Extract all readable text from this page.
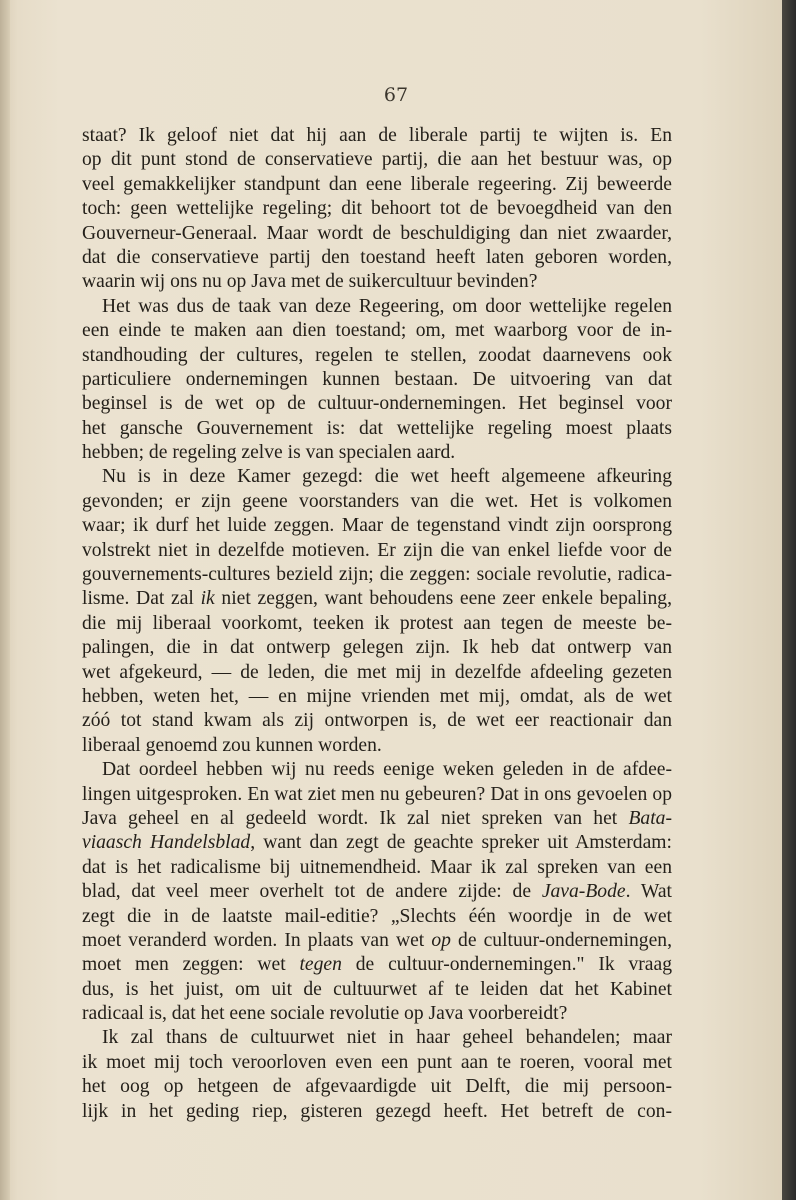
67
staat? Ik geloof niet dat hij aan de liberale partij te wijten is. En
op dit punt stond de conservatieve partij, die aan het bestuur was, op
veel gemakkelijker standpunt dan eene liberale regeering. Zij beweerde
toch: geen wettelijke regeling; dit behoort tot de bevoegdheid van den
Gouverneur-Generaal. Maar wordt de beschuldiging dan niet zwaarder,
dat die conservatieve partij den toestand heeft laten geboren worden,
waarin wij ons nu op Java met de suikercultuur bevinden?
Het was dus de taak van deze Regeering, om door wettelijke regelen
een einde te maken aan dien toestand; om, met waarborg voor de in-
standhouding der cultures, regelen te stellen, zoodat daarnevens ook
particuliere ondernemingen kunnen bestaan. De uitvoering van dat
beginsel is de wet op de cultuur-ondernemingen. Het beginsel voor
het gansche Gouvernement is: dat wettelijke regeling moest plaats
hebben; de regeling zelve is van specialen aard.
Nu is in deze Kamer gezegd: die wet heeft algemeene afkeuring
gevonden; er zijn geene voorstanders van die wet. Het is volkomen
waar; ik durf het luide zeggen. Maar de tegenstand vindt zijn oorsprong
volstrekt niet in dezelfde motieven. Er zijn die van enkel liefde voor de
gouvernements-cultures bezield zijn; die zeggen: sociale revolutie, radica-
lisme. Dat zal ik niet zeggen, want behoudens eene zeer enkele bepaling,
die mij liberaal voorkomt, teeken ik protest aan tegen de meeste be-
palingen, die in dat ontwerp gelegen zijn. Ik heb dat ontwerp van
wet afgekeurd, — de leden, die met mij in dezelfde afdeeling gezeten
hebben, weten het, — en mijne vrienden met mij, omdat, als de wet
zóó tot stand kwam als zij ontworpen is, de wet eer reactionair dan
liberaal genoemd zou kunnen worden.
Dat oordeel hebben wij nu reeds eenige weken geleden in de afdee-
lingen uitgesproken. En wat ziet men nu gebeuren? Dat in ons gevoelen op
Java geheel en al gedeeld wordt. Ik zal niet spreken van het Bata-
viaasch Handelsblad, want dan zegt de geachte spreker uit Amsterdam:
dat is het radicalisme bij uitnemendheid. Maar ik zal spreken van een
blad, dat veel meer overhelt tot de andere zijde: de Java-Bode. Wat
zegt die in de laatste mail-editie? „Slechts één woordje in de wet
moet veranderd worden. In plaats van wet op de cultuur-ondernemingen,
moet men zeggen: wet tegen de cultuur-ondernemingen." Ik vraag
dus, is het juist, om uit de cultuurwet af te leiden dat het Kabinet
radicaal is, dat het eene sociale revolutie op Java voorbereidt?
Ik zal thans de cultuurwet niet in haar geheel behandelen; maar
ik moet mij toch veroorloven even een punt aan te roeren, vooral met
het oog op hetgeen de afgevaardigde uit Delft, die mij persoon-
lijk in het geding riep, gisteren gezegd heeft. Het betreft de con-
